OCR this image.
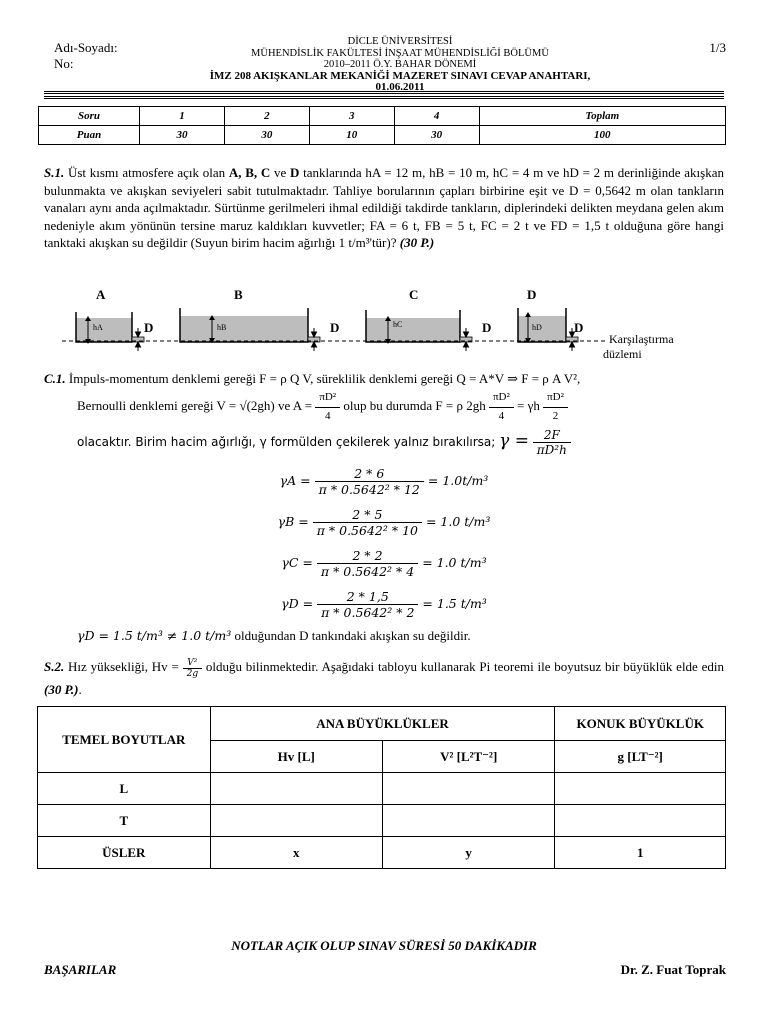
Adı-Soyadı:
No:
DİCLE ÜNİVERSİTESİ
MÜHENDİSLİK FAKÜLTESİ İNŞAAT MÜHENDİSLİĞİ BÖLÜMÜ
2010–2011 Ö.Y. BAHAR DÖNEMİ
İMZ 208 AKIŞKANLAR MEKANİĞİ MAZERET SINAVI CEVAP ANAHTARI, 01.06.2011
1/3
Soru	1	2	3	4	Toplam
Puan	30	30	10	30	100
S.1. Üst kısmı atmosfere açık olan A, B, C ve D tanklarında hA = 12 m, hB = 10 m, hC = 4 m ve hD = 2 m derinliğinde akışkan bulunmakta ve akışkan seviyeleri sabit tutulmaktadır. Tahliye borularının çapları birbirine eşit ve D = 0,5642 m olan tankların vanaları aynı anda açılmaktadır. Sürtünme gerilmeleri ihmal edildiği takdirde tankların, diplerindeki delikten meydana gelen akım nedeniyle akım yönünün tersine maruz kaldıkları kuvvetler; FA = 6 t, FB = 5 t, FC = 2 t ve FD = 1,5 t olduğuna göre hangi tanktaki akışkan su değildir (Suyun birim hacim ağırlığı 1 t/m³'tür)? (30 P.)
A	B	C	D
hA	hB	hC	hD
D	D	D	D
Karşılaştırma
düzlemi
C.1. İmpuls-momentum denklemi gereği F = ρ Q V, süreklilik denklemi gereği Q = A*V ⇒ F = ρ A V²,
Bernoulli denklemi gereği V = √(2gh) ve $A = \frac{\text{πD²}}{4}$ olup bu durumda F = ρ $2gh \frac{\text{πD²}}{4} = \gamma h \frac{\text{πD²}}{2}$
olacaktır. Birim hacim ağırlığı, γ formülden çekilerek yalnız bırakılırsa; $\gamma = \frac{2F}{\text{πD²h}}$
$\gamma A = \frac{2 * 6}{\text{π * 0.5642² * 12}} = 1.0t/m^3$
$\gamma B = \frac{2 * 5}{\text{π * 0.5642² * 10}} = 1.0$ t/m³
$\gamma C = \frac{2 * 2}{\text{π * 0.5642² * 4}} = 1.0$ t/m³
$\gamma D = \frac{2 * 1,5}{\text{π * 0.5642² * 2}} = 1.5$ t/m³
γD = 1.5 t/m³ ≠ 1.0 t/m³ olduğundan D tankındaki akışkan su değildir.
S.2. Hız yüksekliği, $Hv = \frac{\text{V²}}{2g}$ olduğu bilinmektedir. Aşağıdaki tabloyu kullanarak Pi teoremi ile boyutsuz bir büyüklük elde edin (30 P.).
TEMEL BOYUTLAR	ANA BÜYÜKLÜKLER		KONUK BÜYÜKLÜK
	Hv [L]	V² [L²T⁻²]	g [LT⁻²]
L			
T			
ÜSLER	x	y	1
NOTLAR AÇIK OLUP SINAV SÜRESİ 50 DAKİKADIR
BAŞARILAR	Dr. Z. Fuat Toprak
